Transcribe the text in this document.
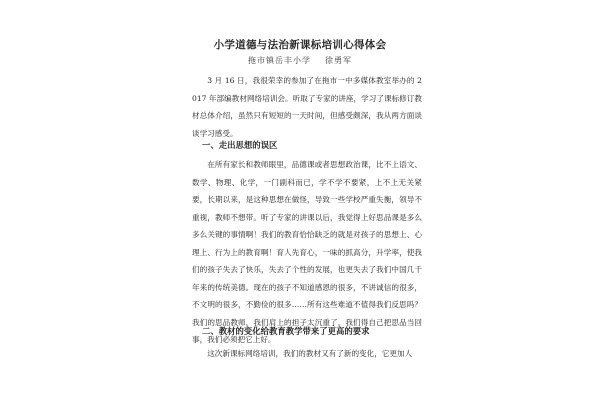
小学道德与法治新课标培训心得体会
拖市镇岳丰小学 徐勇军

3 月 16 日，我很荣幸的参加了在拖市一中多媒体教室举办的 2017 年部编教材网络培训会。听取了专家的讲座，学习了课标修订教材总体介绍，虽然只有短短的一天时间，但感受颇深，我从两方面谈谈学习感受。

一、走出思想的误区

在所有家长和教师眼里，品德课或者思想政治课，比不上语文、数学、物理、化学，一门副科而已，学不学不要紧，上不上无关紧要，长期以来，是这种思想在做怪，导致一些学校严重失衡，领导不重视，教师不想带。听了专家的讲课以后，我觉得上好思品课是多么多么关键的事情啊！我们的教育恰恰缺乏的就是对孩子的思想上、心理上、行为上的教育啊！育人先育心，一味的抓高分，升学率，使我们的孩子失去了快乐，失去了个性的发展，也更失去了我们中国几千年来的传统美德。现在的孩子不知道感恩的很多，不讲诚信的很多，不文明的很多，不勤俭的很多……所有这些难道不值得我们反思吗？我们的思品教师，我们肩上的担子太沉重了，我们得自己把思品当回事，我们必须把它上好。

二、教材的变化给教育教学带来了更高的要求

这次新课标网络培训，我们的教材又有了新的变化，它更加人
